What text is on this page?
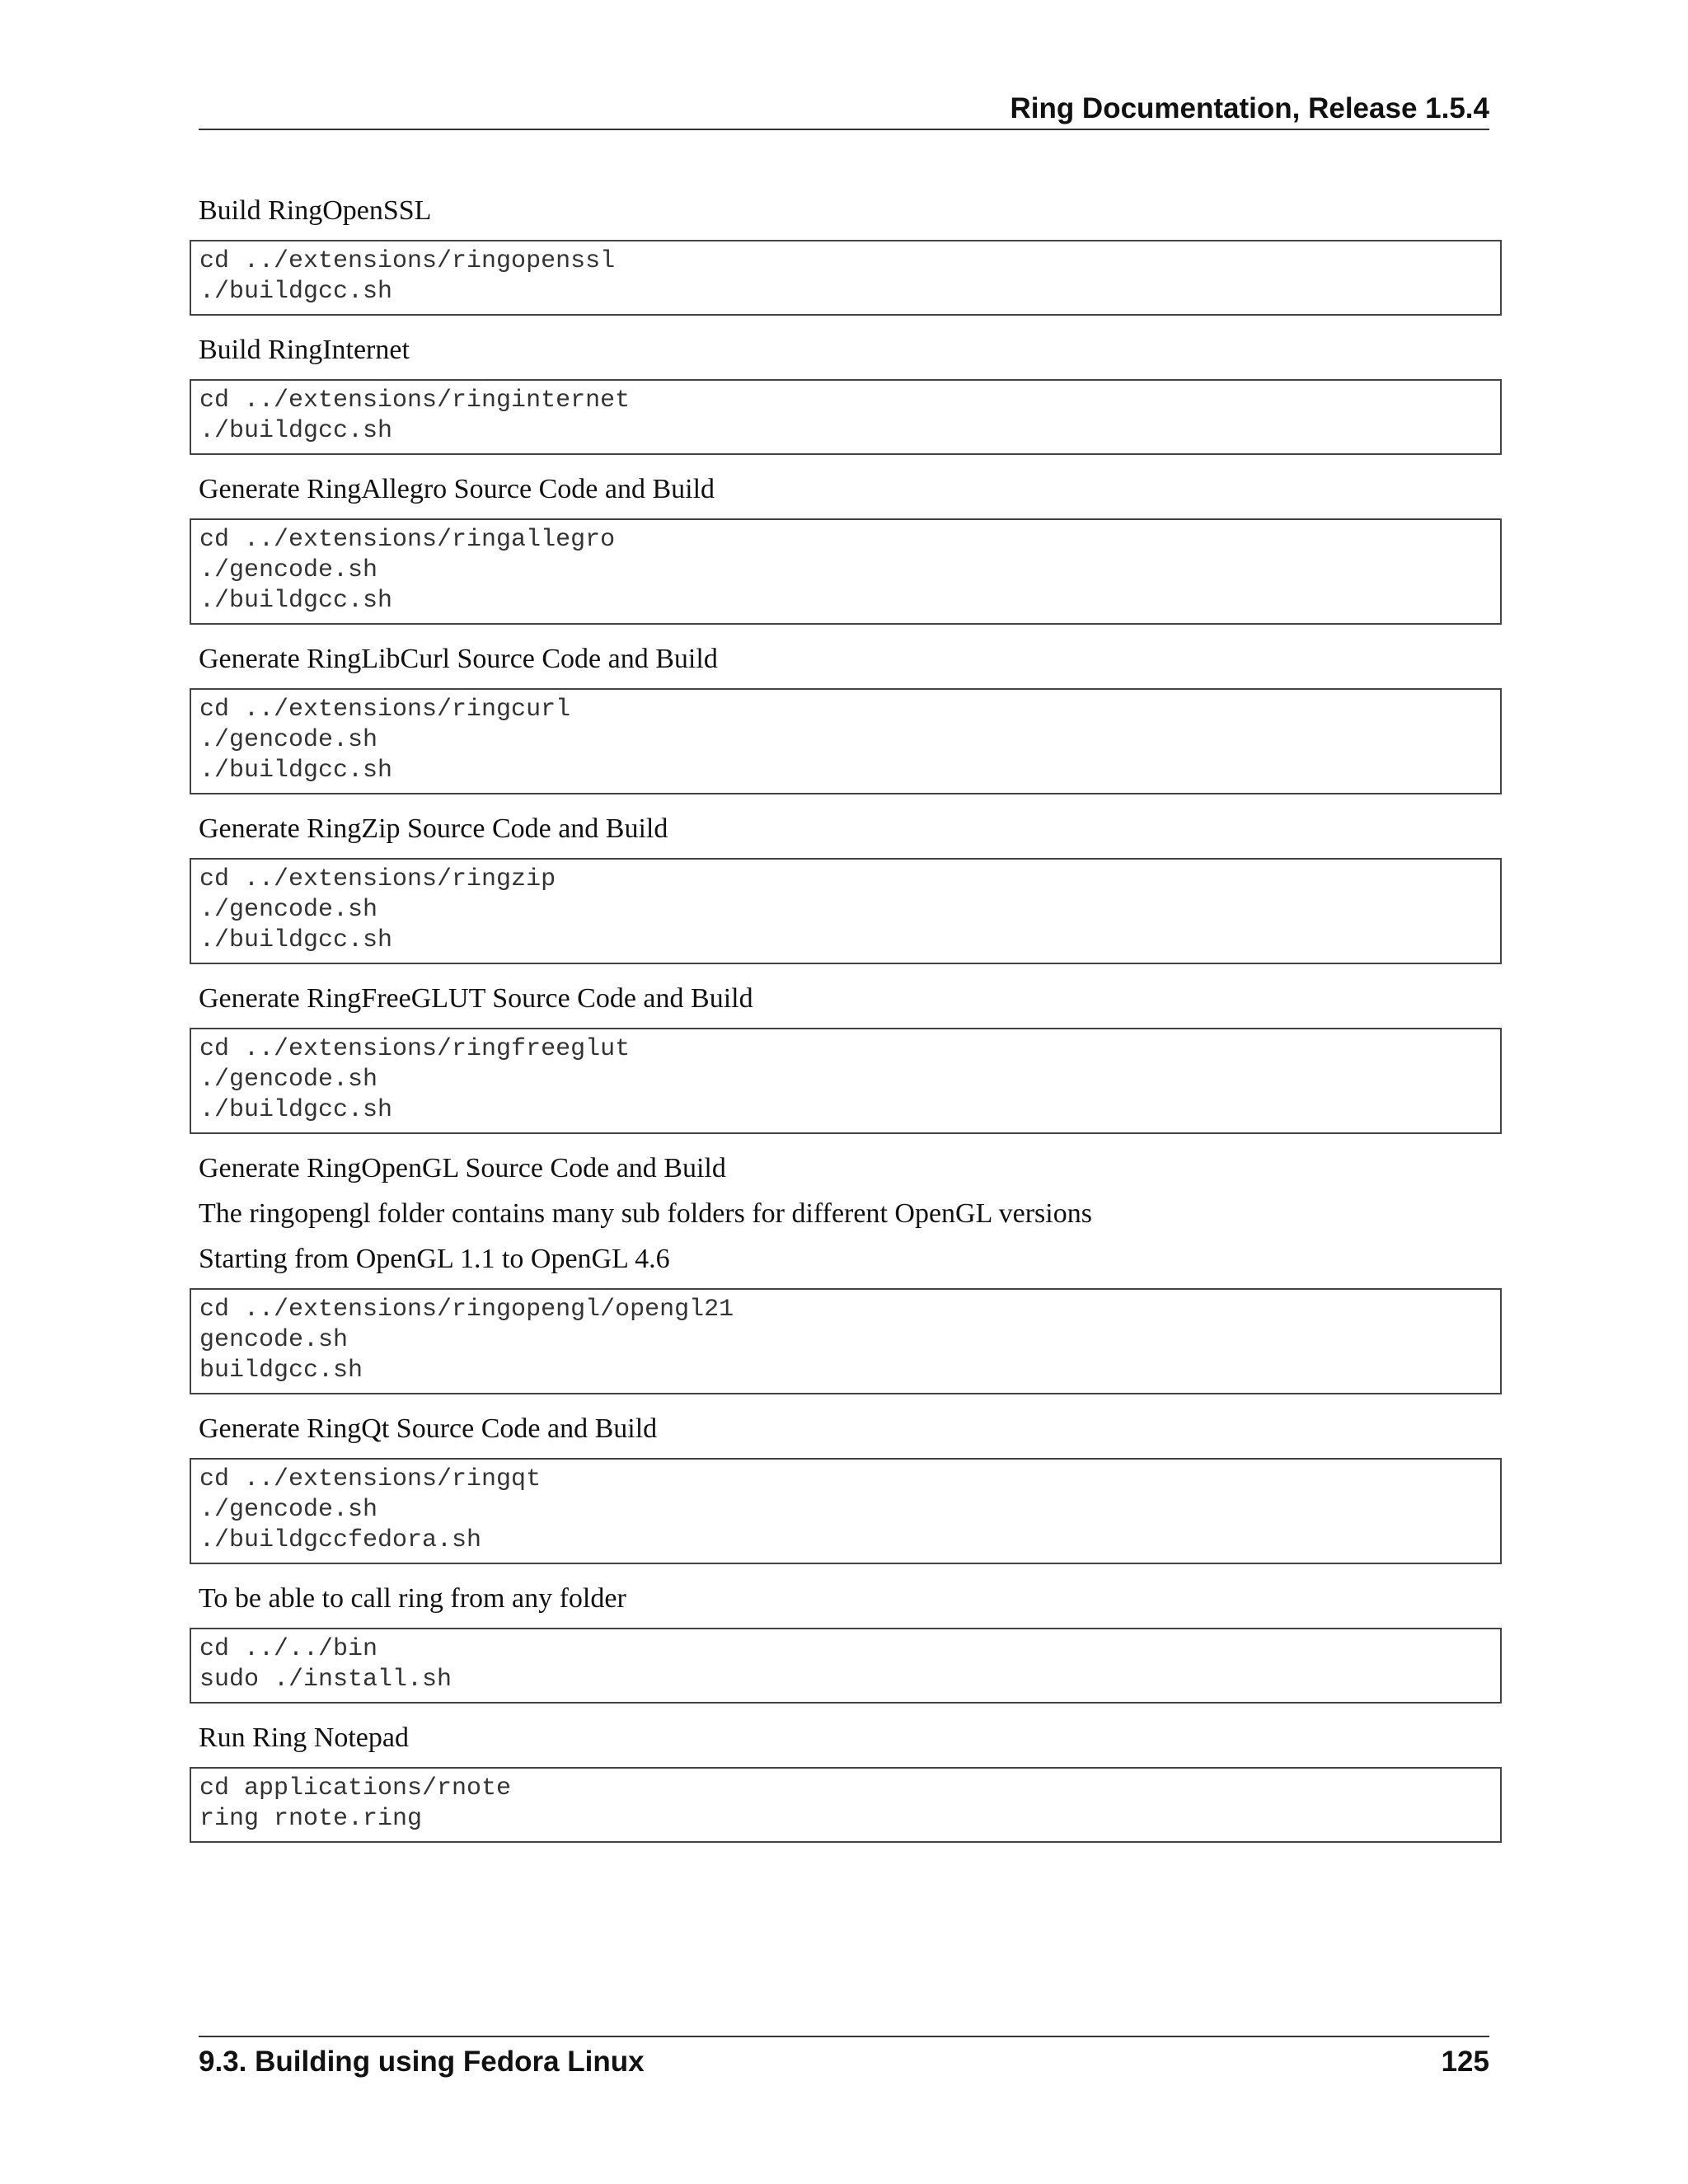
Ring Documentation, Release 1.5.4

Build RingOpenSSL

cd ../extensions/ringopenssl
./buildgcc.sh

Build RingInternet

cd ../extensions/ringinternet
./buildgcc.sh

Generate RingAllegro Source Code and Build

cd ../extensions/ringallegro
./gencode.sh
./buildgcc.sh

Generate RingLibCurl Source Code and Build

cd ../extensions/ringcurl
./gencode.sh
./buildgcc.sh

Generate RingZip Source Code and Build

cd ../extensions/ringzip
./gencode.sh
./buildgcc.sh

Generate RingFreeGLUT Source Code and Build

cd ../extensions/ringfreeglut
./gencode.sh
./buildgcc.sh

Generate RingOpenGL Source Code and Build

The ringopengl folder contains many sub folders for different OpenGL versions

Starting from OpenGL 1.1 to OpenGL 4.6

cd ../extensions/ringopengl/opengl21
gencode.sh
buildgcc.sh

Generate RingQt Source Code and Build

cd ../extensions/ringqt
./gencode.sh
./buildgccfedora.sh

To be able to call ring from any folder

cd ../../bin
sudo ./install.sh

Run Ring Notepad

cd applications/rnote
ring rnote.ring
9.3. Building using Fedora Linux	125
